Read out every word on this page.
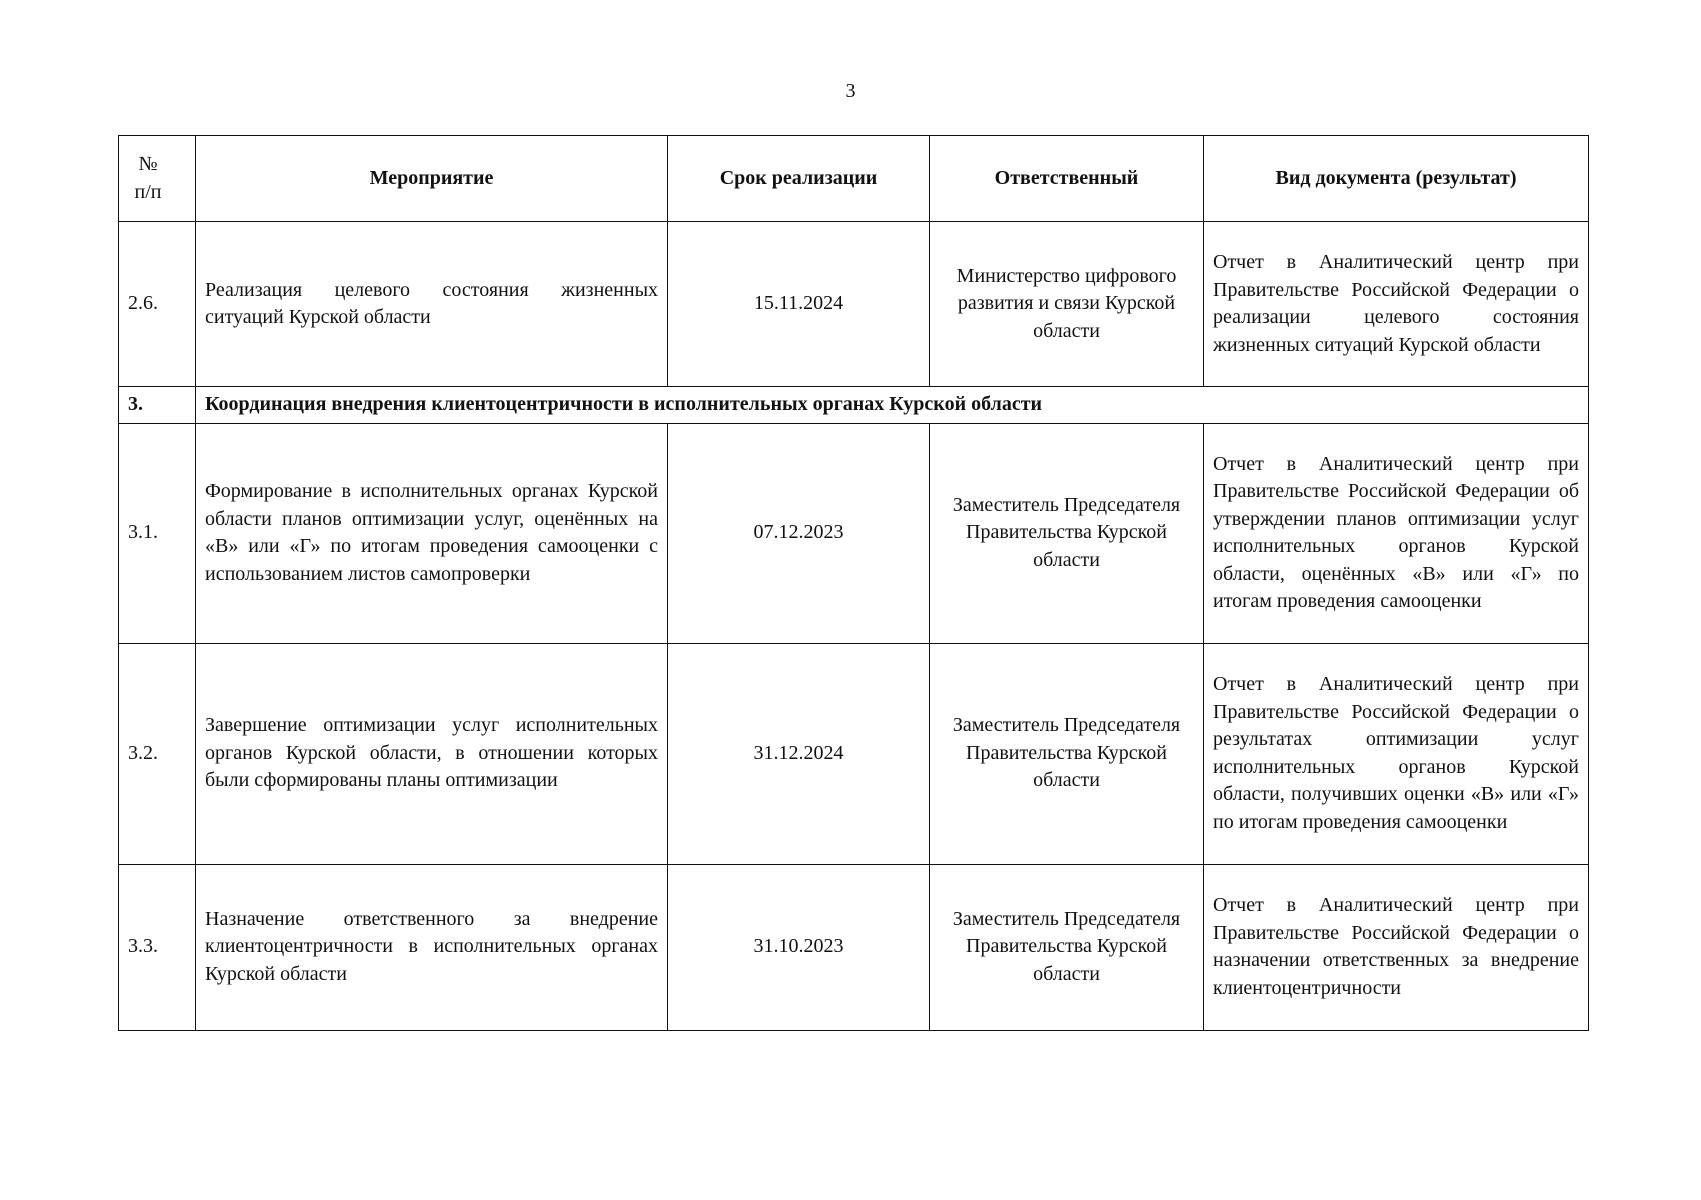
3
№ п/п	Мероприятие	Срок реализации	Ответственный	Вид документа (результат)
2.6.	Реализация целевого состояния жизненных ситуаций Курской области	15.11.2024	Министерство цифрового развития и связи Курской области	Отчет в Аналитический центр при Правительстве Российской Федерации о реализации целевого состояния жизненных ситуаций Курской области
3.	Координация внедрения клиентоцентричности в исполнительных органах Курской области			
3.1.	Формирование в исполнительных органах Курской области планов оптимизации услуг, оценённых на «В» или «Г» по итогам проведения самооценки с использованием листов самопроверки	07.12.2023	Заместитель Председателя Правительства Курской области	Отчет в Аналитический центр при Правительстве Российской Федерации об утверждении планов оптимизации услуг исполнительных органов Курской области, оценённых «В» или «Г» по итогам проведения самооценки
3.2.	Завершение оптимизации услуг исполнительных органов Курской области, в отношении которых были сформированы планы оптимизации	31.12.2024	Заместитель Председателя Правительства Курской области	Отчет в Аналитический центр при Правительстве Российской Федерации о результатах оптимизации услуг исполнительных органов Курской области, получивших оценки «В» или «Г» по итогам проведения самооценки
3.3.	Назначение ответственного за внедрение клиентоцентричности в исполнительных органах Курской области	31.10.2023	Заместитель Председателя Правительства Курской области	Отчет в Аналитический центр при Правительстве Российской Федерации о назначении ответственных за внедрение клиентоцентричности
